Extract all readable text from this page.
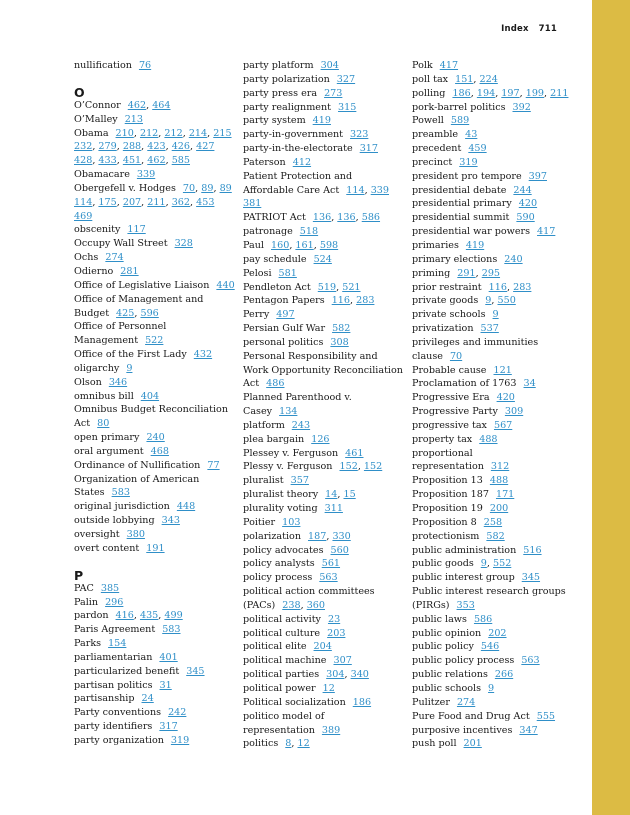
Index 711
nullification 76
O
O’Connor 462, 464
O’Malley 213
Obama 210, 212, 212, 214, 215
232, 279, 288, 423, 426, 427
428, 433, 451, 462, 585
Obamacare 339
Obergefell v. Hodges 70, 89, 89
114, 175, 207, 211, 362, 453
469
obscenity 117
Occupy Wall Street 328
Ochs 274
Odierno 281
Office of Legislative Liaison 440
Office of Management and
Budget 425, 596
Office of Personnel
Management 522
Office of the First Lady 432
oligarchy 9
Olson 346
omnibus bill 404
Omnibus Budget Reconciliation
Act 80
open primary 240
oral argument 468
Ordinance of Nullification 77
Organization of American
States 583
original jurisdiction 448
outside lobbying 343
oversight 380
overt content 191
P
PAC 385
Palin 296
pardon 416, 435, 499
Paris Agreement 583
Parks 154
parliamentarian 401
particularized benefit 345
partisan politics 31
partisanship 24
Party conventions 242
party identifiers 317
party organization 319
party platform 304
party polarization 327
party press era 273
party realignment 315
party system 419
party-in-government 323
party-in-the-electorate 317
Paterson 412
Patient Protection and
Affordable Care Act 114, 339
381
PATRIOT Act 136, 136, 586
patronage 518
Paul 160, 161, 598
pay schedule 524
Pelosi 581
Pendleton Act 519, 521
Pentagon Papers 116, 283
Perry 497
Persian Gulf War 582
personal politics 308
Personal Responsibility and
Work Opportunity Reconciliation
Act 486
Planned Parenthood v.
Casey 134
platform 243
plea bargain 126
Plessey v. Ferguson 461
Plessy v. Ferguson 152, 152
pluralist 357
pluralist theory 14, 15
plurality voting 311
Poitier 103
polarization 187, 330
policy advocates 560
policy analysts 561
policy process 563
political action committees
(PACs) 238, 360
political activity 23
political culture 203
political elite 204
political machine 307
political parties 304, 340
political power 12
Political socialization 186
politico model of
representation 389
politics 8, 12
Polk 417
poll tax 151, 224
polling 186, 194, 197, 199, 211
pork-barrel politics 392
Powell 589
preamble 43
precedent 459
precinct 319
president pro tempore 397
presidential debate 244
presidential primary 420
presidential summit 590
presidential war powers 417
primaries 419
primary elections 240
priming 291, 295
prior restraint 116, 283
private goods 9, 550
private schools 9
privatization 537
privileges and immunities
clause 70
Probable cause 121
Proclamation of 1763 34
Progressive Era 420
Progressive Party 309
progressive tax 567
property tax 488
proportional
representation 312
Proposition 13 488
Proposition 187 171
Proposition 19 200
Proposition 8 258
protectionism 582
public administration 516
public goods 9, 552
public interest group 345
Public interest research groups
(PIRGs) 353
public laws 586
public opinion 202
public policy 546
public policy process 563
public relations 266
public schools 9
Pulitzer 274
Pure Food and Drug Act 555
purposive incentives 347
push poll 201
